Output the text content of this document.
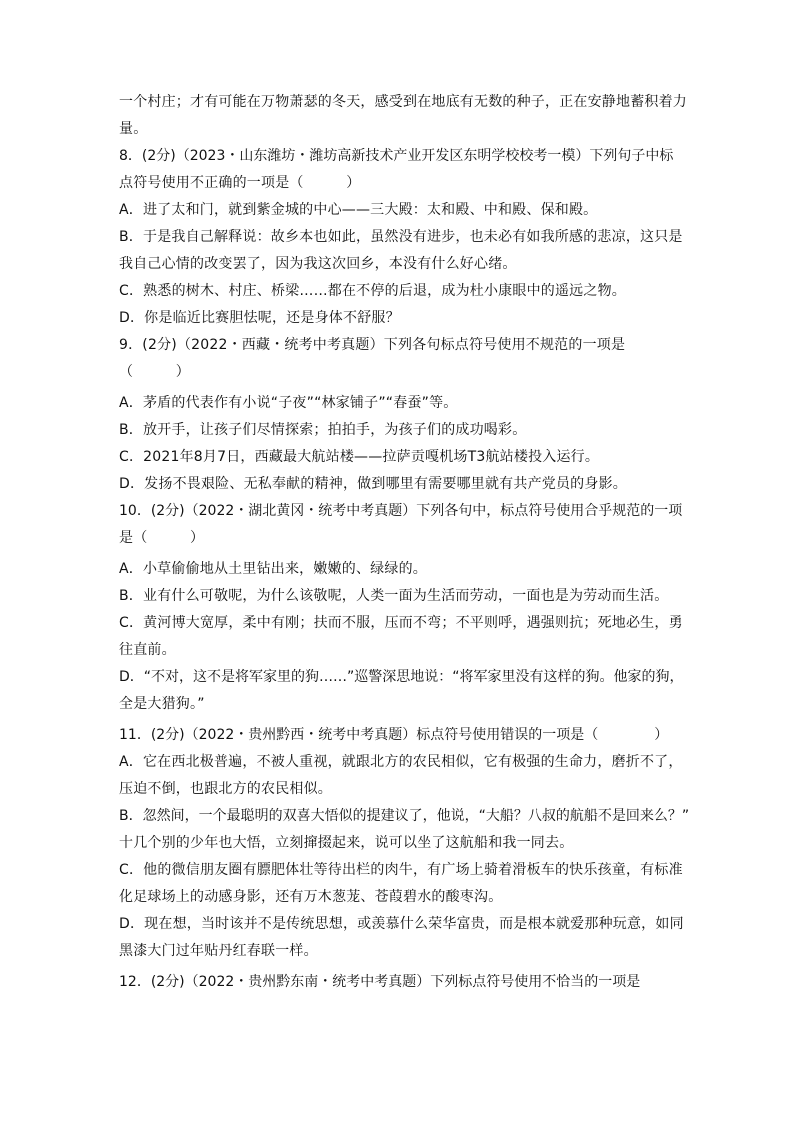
一个村庄；才有可能在万物萧瑟的冬天，感受到在地底有无数的种子，正在安静地蓄积着力
量。
8．(2分)（2023・山东潍坊・潍坊高新技术产业开发区东明学校校考一模）下列句子中标
点符号使用不正确的一项是（　　　）
A．进了太和门，就到紫金城的中心——三大殿：太和殿、中和殿、保和殿。
B．于是我自己解释说：故乡本也如此，虽然没有进步，也未必有如我所感的悲凉，这只是
我自己心情的改变罢了，因为我这次回乡，本没有什么好心绪。
C．熟悉的树木、村庄、桥梁……都在不停的后退，成为杜小康眼中的遥远之物。
D．你是临近比赛胆怯呢，还是身体不舒服？
9．(2分)（2022・西藏・统考中考真题）下列各句标点符号使用不规范的一项是
（　　　）
A．茅盾的代表作有小说“子夜”“林家铺子”“春蚕”等。
B．放开手，让孩子们尽情探索；拍拍手，为孩子们的成功喝彩。
C．2021年8月7日，西藏最大航站楼——拉萨贡嘎机场T3航站楼投入运行。
D．发扬不畏艰险、无私奉献的精神，做到哪里有需要哪里就有共产党员的身影。
10．(2分)（2022・湖北黄冈・统考中考真题）下列各句中，标点符号使用合乎规范的一项
是（　　　）
A．小草偷偷地从土里钻出来，嫩嫩的、绿绿的。
B．业有什么可敬呢，为什么该敬呢，人类一面为生活而劳动，一面也是为劳动而生活。
C．黄河博大宽厚，柔中有刚；扶而不服，压而不弯；不平则呼，遇强则抗；死地必生，勇
往直前。
D．“不对，这不是将军家里的狗……”巡警深思地说：“将军家里没有这样的狗。他家的狗，
全是大猎狗。”
11．(2分)（2022・贵州黔西・统考中考真题）标点符号使用错误的一项是（　　　　）
A．它在西北极普遍，不被人重视，就跟北方的农民相似，它有极强的生命力，磨折不了，
压迫不倒，也跟北方的农民相似。
B．忽然间，一个最聪明的双喜大悟似的提建议了，他说，“大船？八叔的航船不是回来么？”
十几个别的少年也大悟，立刻撺掇起来，说可以坐了这航船和我一同去。
C．他的微信朋友圈有膘肥体壮等待出栏的肉牛，有广场上骑着滑板车的快乐孩童，有标准
化足球场上的动感身影，还有万木葱茏、苍葭碧水的酸枣沟。
D．现在想，当时该并不是传统思想，或羡慕什么荣华富贵，而是根本就爱那种玩意，如同
黑漆大门过年贴丹红春联一样。
12．(2分)（2022・贵州黔东南・统考中考真题）下列标点符号使用不恰当的一项是
